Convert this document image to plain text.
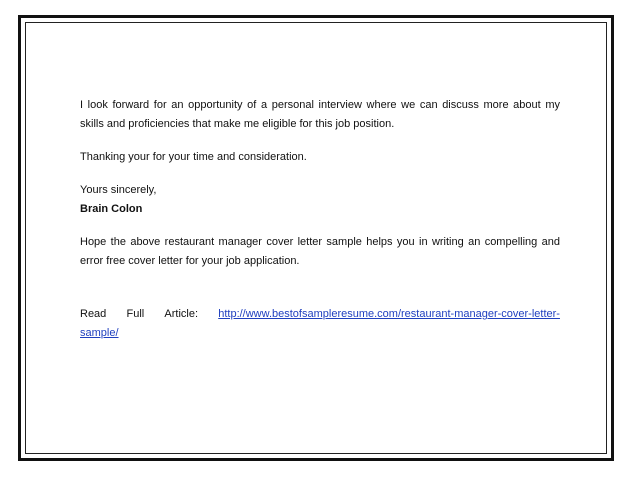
I look forward for an opportunity of a personal interview where we can discuss more about my skills and proficiencies that make me eligible for this job position.

Thanking your for your time and consideration.

Yours sincerely,

Brain Colon

Hope the above restaurant manager cover letter sample helps you in writing an compelling and error free cover letter for your job application.

Read Full Article: http://www.bestofsampleresume.com/restaurant-manager-cover-letter-

sample/
